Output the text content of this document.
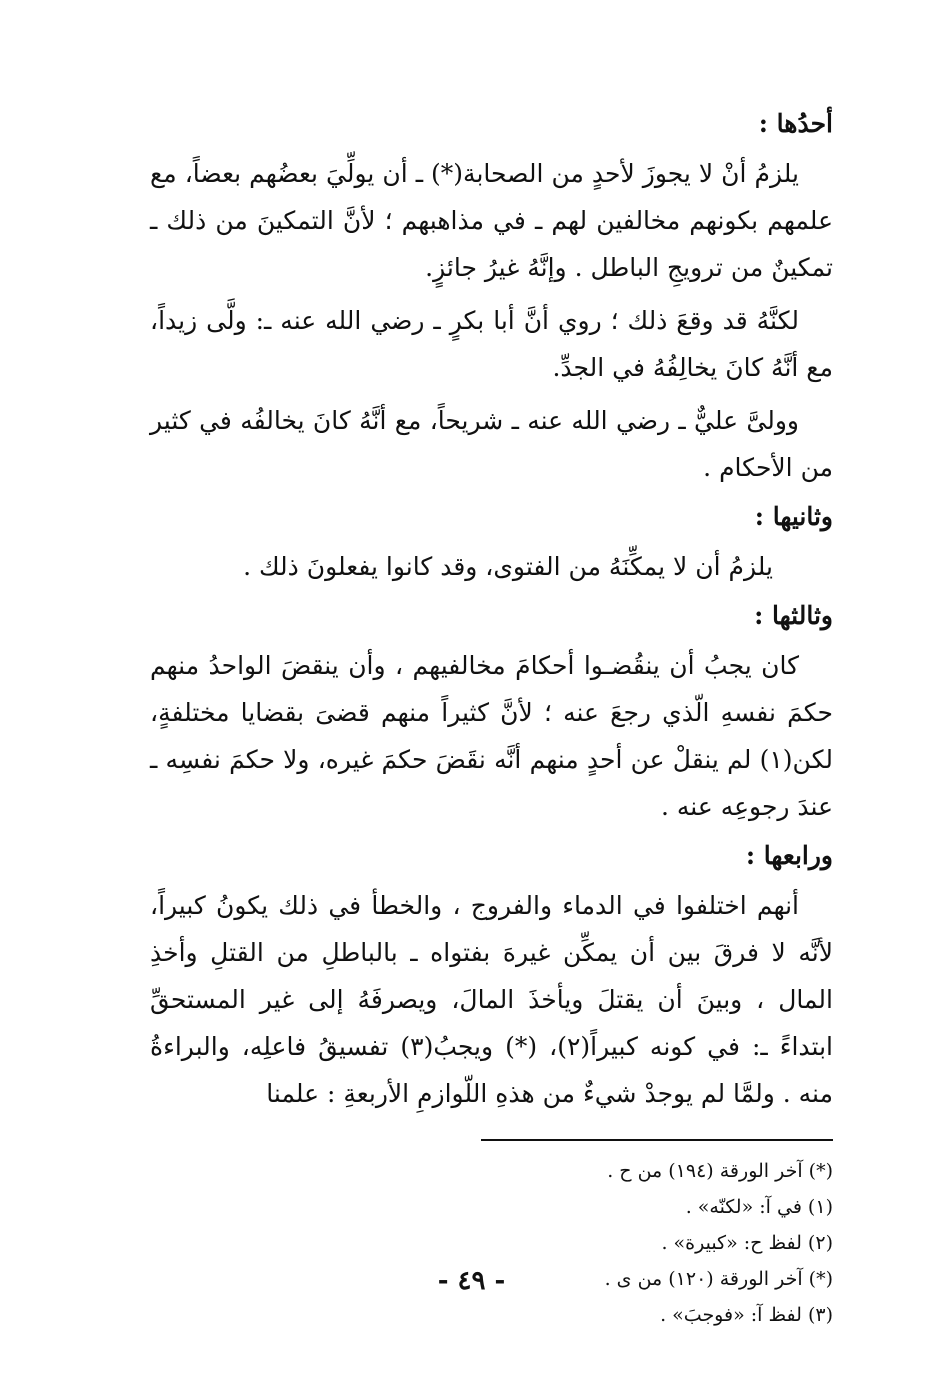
أحدُها :

يلزمُ أنْ لا يجوزَ لأحدٍ من الصحابة(*) ـ أن يولِّيَ بعضُهم بعضاً، مع علمهم بكونهم مخالفين لهم ـ في مذاهبهم ؛ لأنَّ التمكينَ من ذلك ـ تمكينٌ من ترويجِ الباطل . وإنَّهُ غيرُ جائزٍ.

لكنَّهُ قد وقعَ ذلك ؛ روي أنَّ أبا بكرٍ ـ رضي الله عنه ـ: ولَّى زيداً، مع أنَّهُ كانَ يخالِفُهُ في الجدِّ.

وولىَّ عليٌّ ـ رضي الله عنه ـ شريحاً، مع أنَّهُ كانَ يخالفُه في كثير من الأحكام .

وثانيها :

يلزمُ أن لا يمكِّنَهُ من الفتوى، وقد كانوا يفعلونَ ذلك .

وثالثها :

كان يجبُ أن ينقُضـوا أحكامَ مخالفيهم ، وأن ينقضَ الواحدُ منهم حكمَ نفسهِ الّذي رجعَ عنه ؛ لأنَّ كثيراً منهم قضىَ بقضايا مختلفةٍ، لكن(١) لم ينقلْ عن أحدٍ منهم أنَّه نقَضَ حكمَ غيره، ولا حكمَ نفسِه ـ عندَ رجوعِه عنه .

ورابعها :

أنهم اختلفوا في الدماء والفروج ، والخطأ في ذلك يكونُ كبيراً، لأنَّه لا فرقَ بين أن يمكِّن غيرهَ بفتواه ـ بالباطلِ من القتلِ وأخذِ المال ، وبينَ أن يقتلَ ويأخذَ المالَ، ويصرفَهُ إلى غير المستحقِّ ابتداءً ـ: في كونه كبيراً(٢)، (*) ويجبُ(٣) تفسيقُ فاعلِه، والبراءةُ منه . ولمَّا لم يوجدْ شيءٌ من هذهِ اللّوازمِ الأربعةِ : علمنا

(*) آخر الورقة (١٩٤) من ح .

(١) في آ: «لكنّه» .

(٢) لفظ ح: «كبيرة» .

(*) آخر الورقة (١٢٠) من ى .

(٣) لفظ آ: «فوجبَ» .

- ٤٩ -
